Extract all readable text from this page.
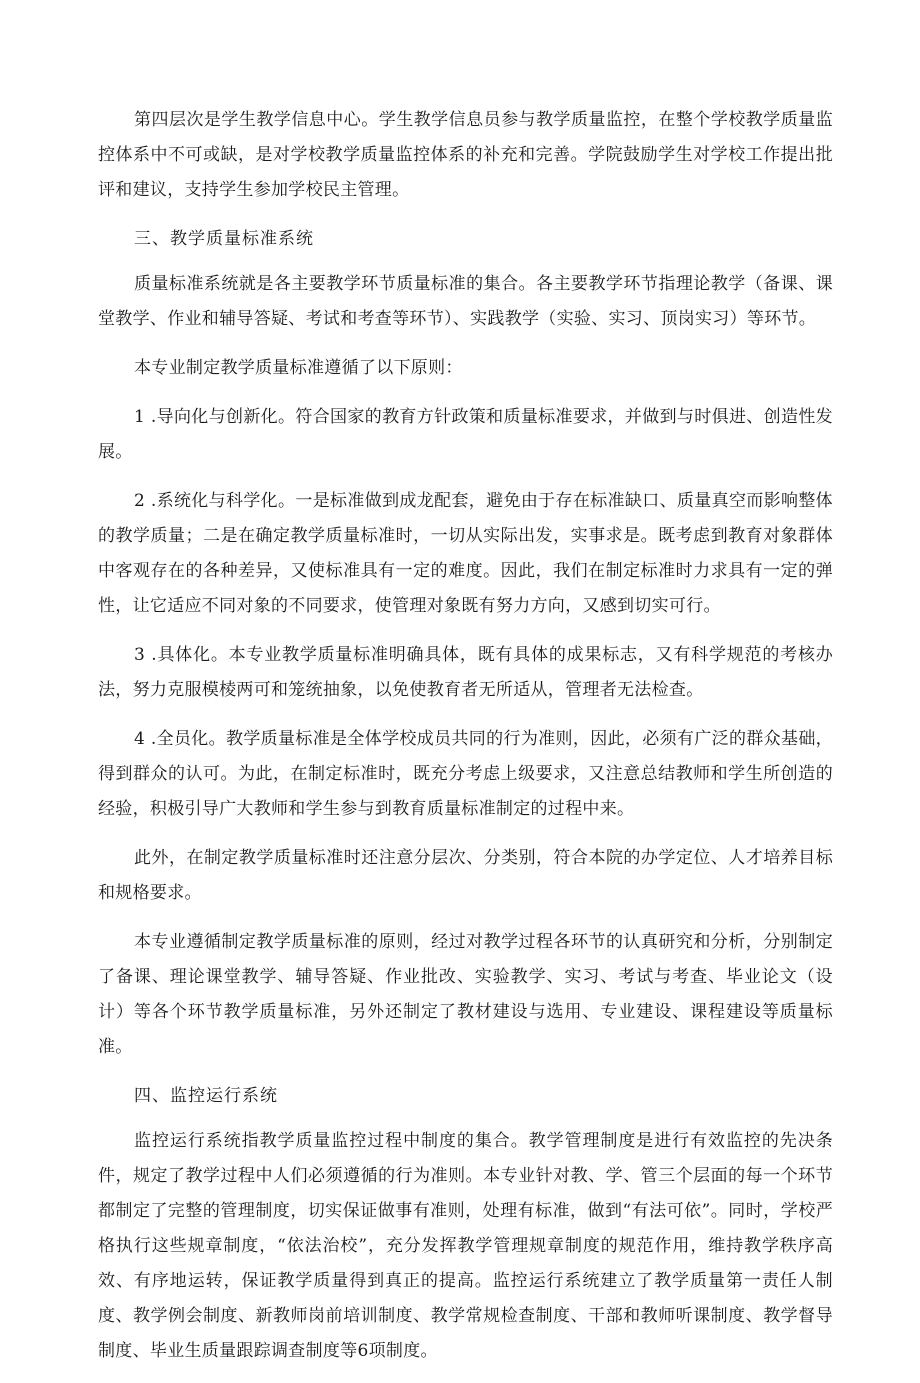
第四层次是学生教学信息中心。学生教学信息员参与教学质量监控，在整个学校教学质量监控体系中不可或缺，是对学校教学质量监控体系的补充和完善。学院鼓励学生对学校工作提出批评和建议，支持学生参加学校民主管理。

三、教学质量标准系统

质量标准系统就是各主要教学环节质量标准的集合。各主要教学环节指理论教学（备课、课堂教学、作业和辅导答疑、考试和考查等环节）、实践教学（实验、实习、顶岗实习）等环节。

本专业制定教学质量标准遵循了以下原则：

1 .导向化与创新化。符合国家的教育方针政策和质量标准要求，并做到与时俱进、创造性发展。

2 .系统化与科学化。一是标准做到成龙配套，避免由于存在标准缺口、质量真空而影响整体的教学质量；二是在确定教学质量标准时，一切从实际出发，实事求是。既考虑到教育对象群体中客观存在的各种差异，又使标准具有一定的难度。因此，我们在制定标准时力求具有一定的弹性，让它适应不同对象的不同要求，使管理对象既有努力方向，又感到切实可行。

3 .具体化。本专业教学质量标准明确具体，既有具体的成果标志，又有科学规范的考核办法，努力克服模棱两可和笼统抽象，以免使教育者无所适从，管理者无法检查。

4 .全员化。教学质量标准是全体学校成员共同的行为准则，因此，必须有广泛的群众基础，得到群众的认可。为此，在制定标准时，既充分考虑上级要求，又注意总结教师和学生所创造的经验，积极引导广大教师和学生参与到教育质量标准制定的过程中来。

此外，在制定教学质量标准时还注意分层次、分类别，符合本院的办学定位、人才培养目标和规格要求。

本专业遵循制定教学质量标准的原则，经过对教学过程各环节的认真研究和分析，分别制定了备课、理论课堂教学、辅导答疑、作业批改、实验教学、实习、考试与考查、毕业论文（设计）等各个环节教学质量标准，另外还制定了教材建设与选用、专业建设、课程建设等质量标准。

四、监控运行系统

监控运行系统指教学质量监控过程中制度的集合。教学管理制度是进行有效监控的先决条件，规定了教学过程中人们必须遵循的行为准则。本专业针对教、学、管三个层面的每一个环节都制定了完整的管理制度，切实保证做事有准则，处理有标准，做到“有法可依”。同时，学校严格执行这些规章制度，“依法治校”，充分发挥教学管理规章制度的规范作用，维持教学秩序高效、有序地运转，保证教学质量得到真正的提高。监控运行系统建立了教学质量第一责任人制度、教学例会制度、新教师岗前培训制度、教学常规检查制度、干部和教师听课制度、教学督导制度、毕业生质量跟踪调查制度等6项制度。
